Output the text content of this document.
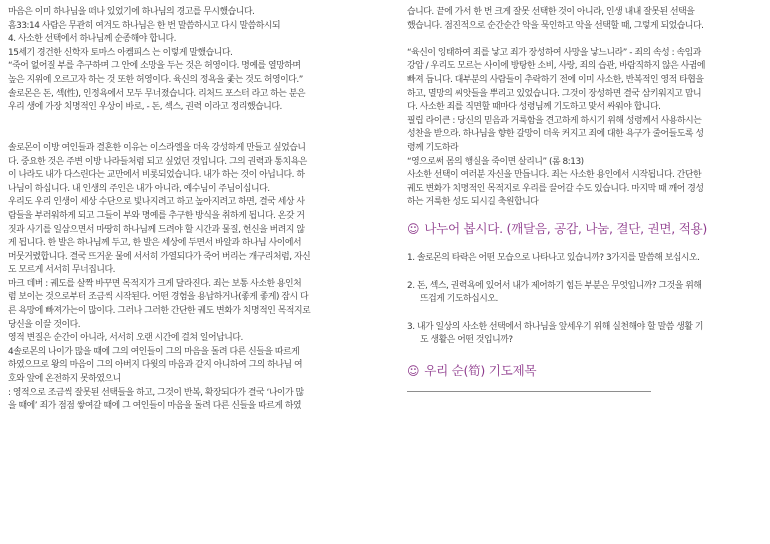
마음은 이미 하나님을 떠나 있었기에 하나님의 경고를 무시했습니다.
흠33:14 사람은 무관히 여겨도 하나님은 한 번 말씀하시고 다시 말씀하시되
4. 사소한 선택에서 하나님께 순종해야 합니다.
15세기 경건한 신학자 토마스 아켐피스 는 이렇게 말했습니다.
“죽어 없어질 부를 추구하며 그 안에 소망을 두는 것은 허영이다. 명예를 열망하며
높은 지위에 오르고자 하는 것 또한 허영이다. 육신의 정욕을 좇는 것도 허영이다.”
솔로몬은 돈, 섹(性), 인정욕에서 모두 무너졌습니다. 리처드 포스터 라고 하는 분은
우리 생에 가장 치명적인 우상이 바로, - 돈, 섹스, 권력 이라고 정리했습니다.
솔로몬이 이방 여인들과 결혼한 이유는 이스라엘을 더욱 강성하게 만들고 싶었습니
다. 중요한 것은 주변 이방 나라들처럼 되고 싶었던 것입니다. 그의 권력과 통치욕은
이 나라도 내가 다스린다는 교만에서 비롯되었습니다. 내가 하는 것이 아닙니다. 하
나님이 하십니다. 내 인생의 주인은 내가 아니라, 예수님이 주님이십니다.
우리도 우리 인생이 세상 수단으로 빛나지려고 하고 높아지려고 하면, 결국 세상 사
람들을 부러워하게 되고 그들이 부와 명예를 추구한 방식을 취하게 됩니다. 온갖 거
짓과 사기를 일삼으면서 마땅히 하나님께 드려야 할 시간과 물질, 헌신을 버려지 않
게 됩니다. 한 발은 하나님께 두고, 한 발은 세상에 두면서 바알과 하나님 사이에서
머뭇거렸합니다. 결국 뜨거운 물에 서서히 가열되다가 죽어 버리는 개구리처럼, 자신
도 모르게 서서히 무너집니다.
마크 데버 : 궤도를 살짝 바꾸면 목적지가 크게 달라진다. 죄는 보통 사소한 용인처
럼 보이는 것으로부터 조금씩 시작된다. 어떤 경험을 용납하거나(좋게 좋게) 잠시 다
른 욕망에 빠져가는이 많이다. 그러나 그러한 간단한 궤도 변화가 치명적인 목적지로
당신을 이끌 것이다.
영적 변질은 순간이 아니라, 서서히 오랜 시간에 걸쳐 일어납니다.
4솔로몬의 나이가 많을 때에 그의 여인들이 그의 마음을 돌려 다른 신들을 따르게
하였으므로 왕의 마음이 그의 아버지 다윗의 마음과 같지 아니하여 그의 하나님 여
호와 앞에 온전하지 못하였으니
: 영적으로 조금씩 잘못된 선택들을 하고, 그것이 반복, 확장되다가 결국 ‘나이가 많
을 때에’ 죄가 점점 쌓여갈 때에 그 여인들이 마음을 돌려 다른 신들을 따르게 하였
습니다. 끝에 가서 한 번 크게 잘못 선택한 것이 아니라, 인생 내내 잘못된 선택을
했습니다. 점진적으로 순간순간 악을 묵인하고 악을 선택할 때, 그렇게 되었습니다.
“육신이 잉태하여 죄를 낳고 죄가 장성하여 사망을 낳느니라” - 죄의 속성 : 속임과
강압 / 우리도 모르는 사이에 방탕한 소비, 사랑, 죄의 습관, 바람직하지 않은 사귐에
빠져 듭니다. 대부분의 사람들이 추락하기 전에 이미 사소한, 반복적인 영적 타협을
하고, 멸망의 씨앗들을 뿌리고 있었습니다. 그것이 장성하면 결국 삼키워지고 맙니
다. 사소한 죄를 직면할 때마다 성령님께 기도하고 맞서 싸워야 합니다.
필립 라이큰 : 당신의 믿음과 거룩함을 견고하게 하시기 위해 성령께서 사용하시는
성찬을 받으라. 하나님을 향한 갈망이 더욱 커지고 죄에 대한 욕구가 줄어들도록 성
령께 기도하라
“영으로써 몸의 행실을 죽이면 살리니” (롬 8:13)
사소한 선택이 여러분 자신을 만듭니다. 죄는 사소한 용인에서 시작됩니다. 간단한
궤도 변화가 치명적인 목적지로 우리를 끌어갈 수도 있습니다. 마지막 때 깨어 경성
하는 거룩한 성도 되시길 축원합니다
☺ 나누어 봅시다. (깨달음, 공감, 나눔, 결단, 권면, 적용)
1. 솔로몬의 타락은 어떤 모습으로 나타나고 있습니까? 3가지를 말씀해 보십시오.
2. 돈, 섹스, 권력욕에 있어서 내가 제어하기 힘든 부분은 무엇입니까? 그것을 위해
뜨겁게 기도하십시오.
3. 내가 일상의 사소한 선택에서 하나님을 앞세우기 위해 실천해야 할 말씀 생활 기
도 생활은 어떤 것입니까?
☺ 우리 순(筍) 기도제목
